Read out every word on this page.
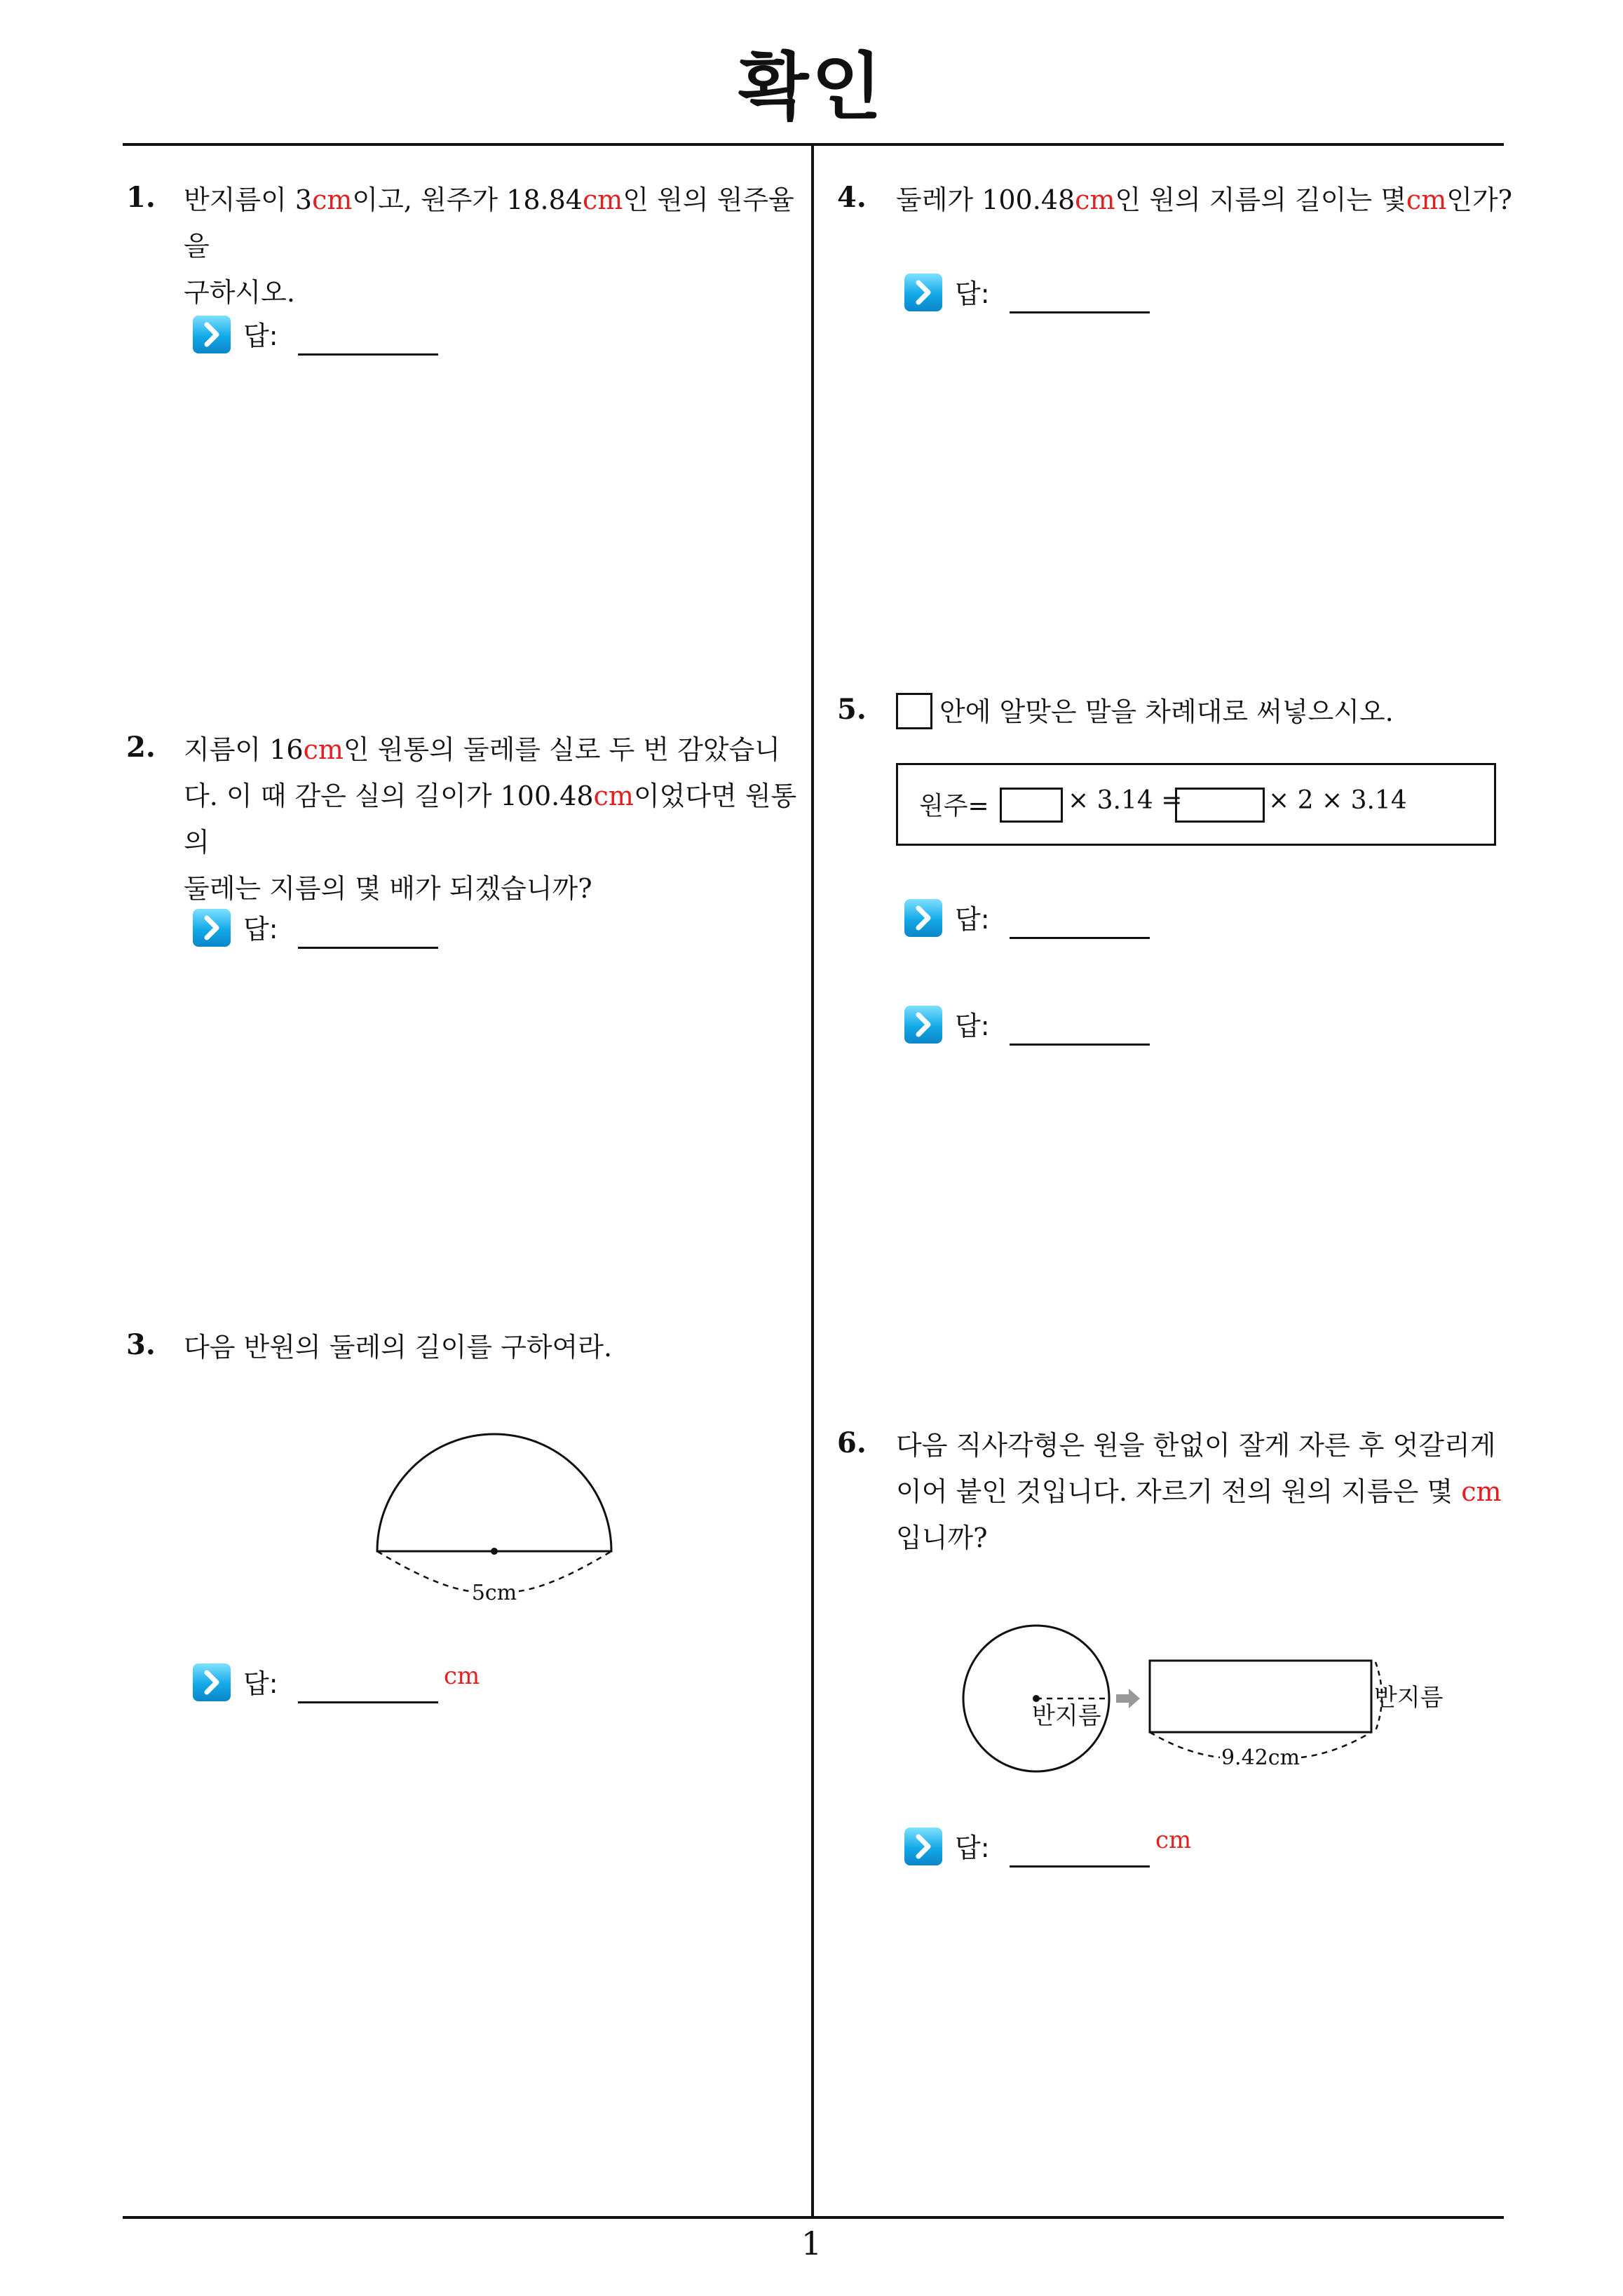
확인
1. 반지름이 3cm이고, 원주가 18.84cm인 원의 원주율을
구하시오.
답:
2. 지름이 16cm인 원통의 둘레를 실로 두 번 감았습니
다. 이 때 감은 실의 길이가 100.48cm이었다면 원통의
둘레는 지름의 몇 배가 되겠습니까?
답:
3. 다음 반원의 둘레의 길이를 구하여라.
5cm
답:	cm
4. 둘레가 100.48cm인 원의 지름의 길이는 몇cm인가?
답:
5.	안에 알맞은 말을 차례대로 써넣으시오.
원주=	× 3.14 =	× 2 × 3.14
답:
답:
6. 다음 직사각형은 원을 한없이 잘게 자른 후 엇갈리게
이어 붙인 것입니다. 자르기 전의 원의 지름은 몇 cm
입니까?
반지름
반지름
9.42cm
답:	cm
1
